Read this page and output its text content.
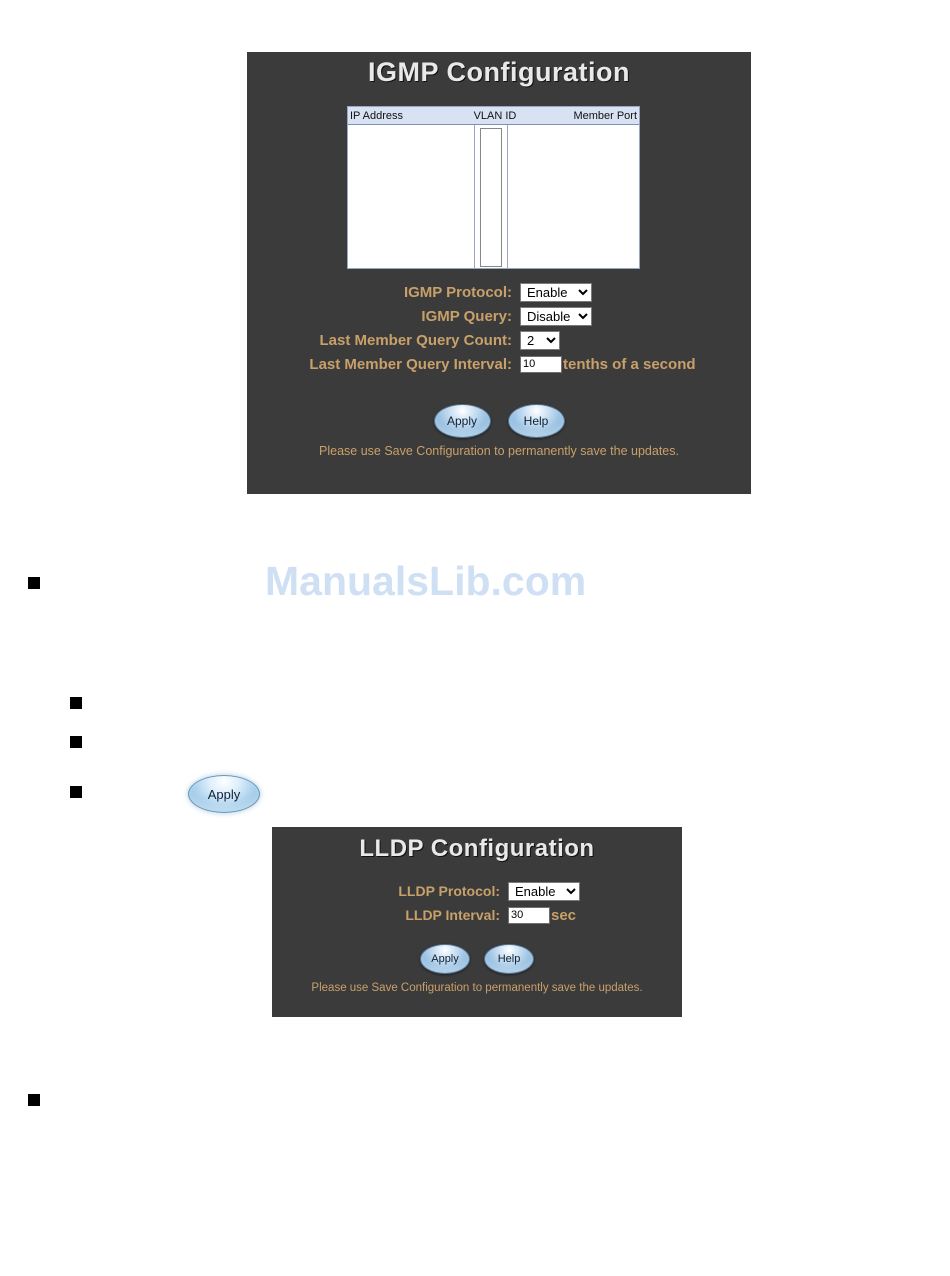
IGMP Configuration
IP Address	VLAN ID	Member Port
IGMP Protocol:
Enable
IGMP Query:
Disable
Last Member Query Count:
2
Last Member Query Interval:
10	tenths of a second
Apply	Help
Please use Save Configuration to permanently save the updates.
ManualsLib.com
Apply
LLDP Configuration
LLDP Protocol:
Enable
LLDP Interval:
30	sec
Apply	Help
Please use Save Configuration to permanently save the updates.
